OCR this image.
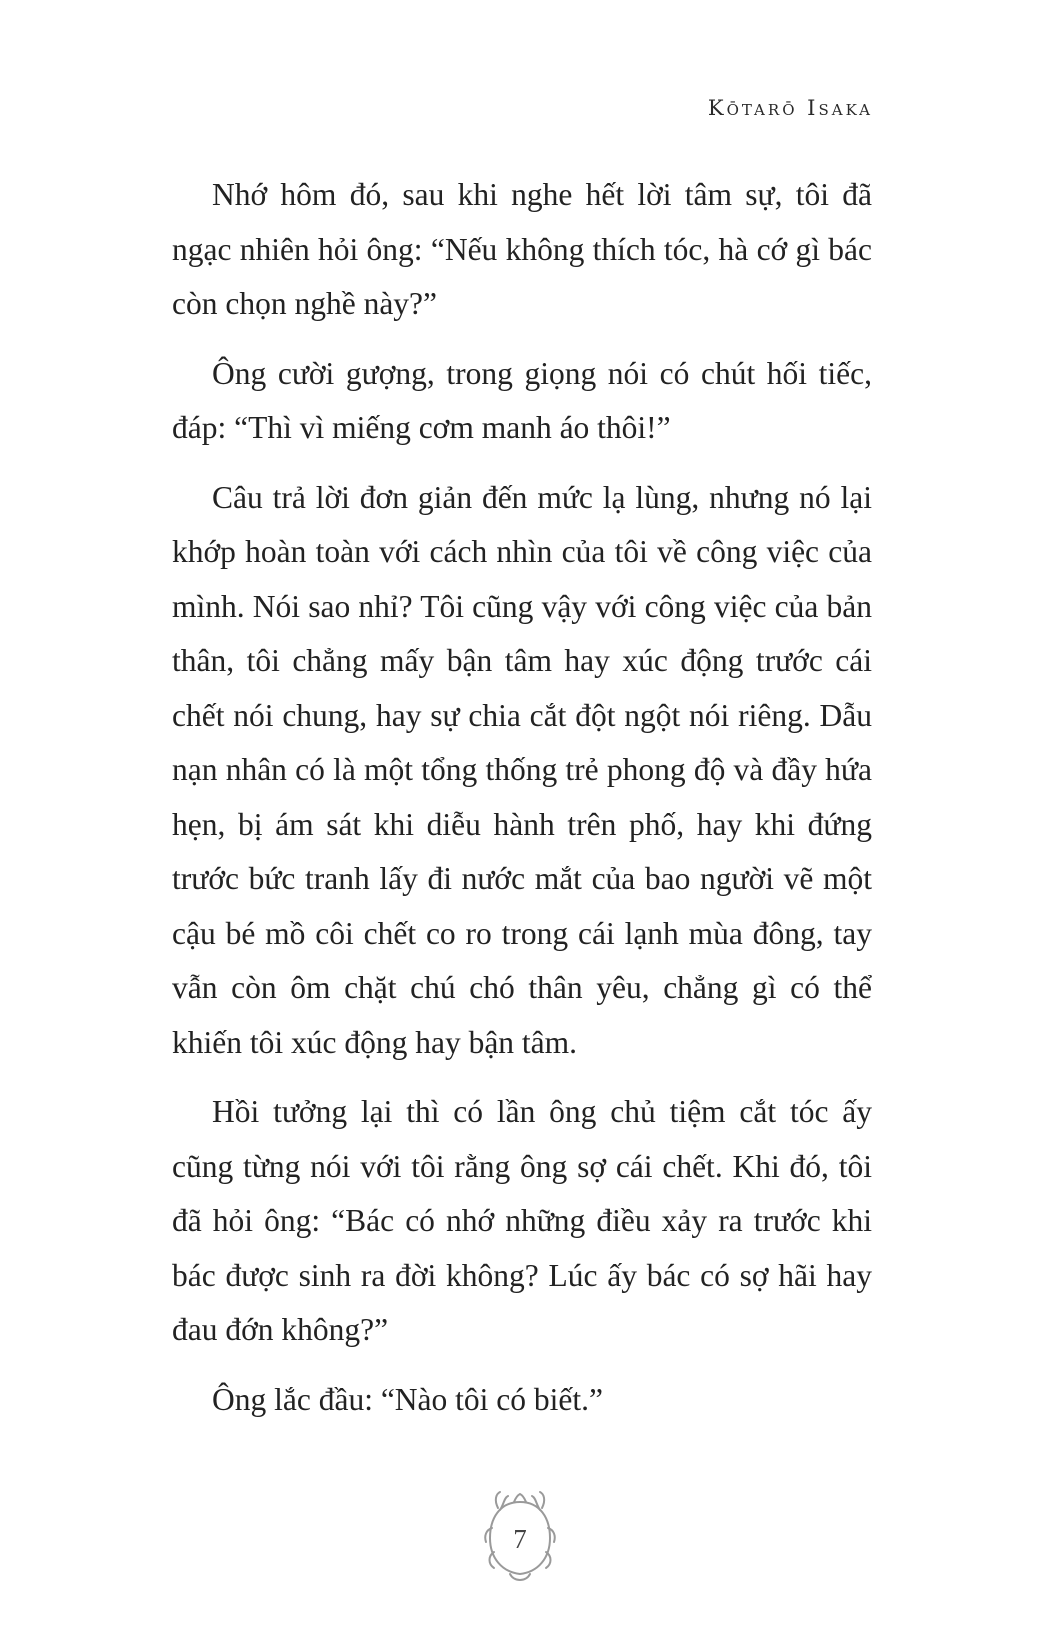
Kōtarō Isaka

Nhớ hôm đó, sau khi nghe hết lời tâm sự, tôi đã ngạc nhiên hỏi ông: “Nếu không thích tóc, hà cớ gì bác còn chọn nghề này?”

Ông cười gượng, trong giọng nói có chút hối tiếc, đáp: “Thì vì miếng cơm manh áo thôi!”

Câu trả lời đơn giản đến mức lạ lùng, nhưng nó lại khớp hoàn toàn với cách nhìn của tôi về công việc của mình. Nói sao nhỉ? Tôi cũng vậy với công việc của bản thân, tôi chẳng mấy bận tâm hay xúc động trước cái chết nói chung, hay sự chia cắt đột ngột nói riêng. Dẫu nạn nhân có là một tổng thống trẻ phong độ và đầy hứa hẹn, bị ám sát khi diễu hành trên phố, hay khi đứng trước bức tranh lấy đi nước mắt của bao người vẽ một cậu bé mồ côi chết co ro trong cái lạnh mùa đông, tay vẫn còn ôm chặt chú chó thân yêu, chẳng gì có thể khiến tôi xúc động hay bận tâm.

Hồi tưởng lại thì có lần ông chủ tiệm cắt tóc ấy cũng từng nói với tôi rằng ông sợ cái chết. Khi đó, tôi đã hỏi ông: “Bác có nhớ những điều xảy ra trước khi bác được sinh ra đời không? Lúc ấy bác có sợ hãi hay đau đớn không?”

Ông lắc đầu: “Nào tôi có biết.”

7
